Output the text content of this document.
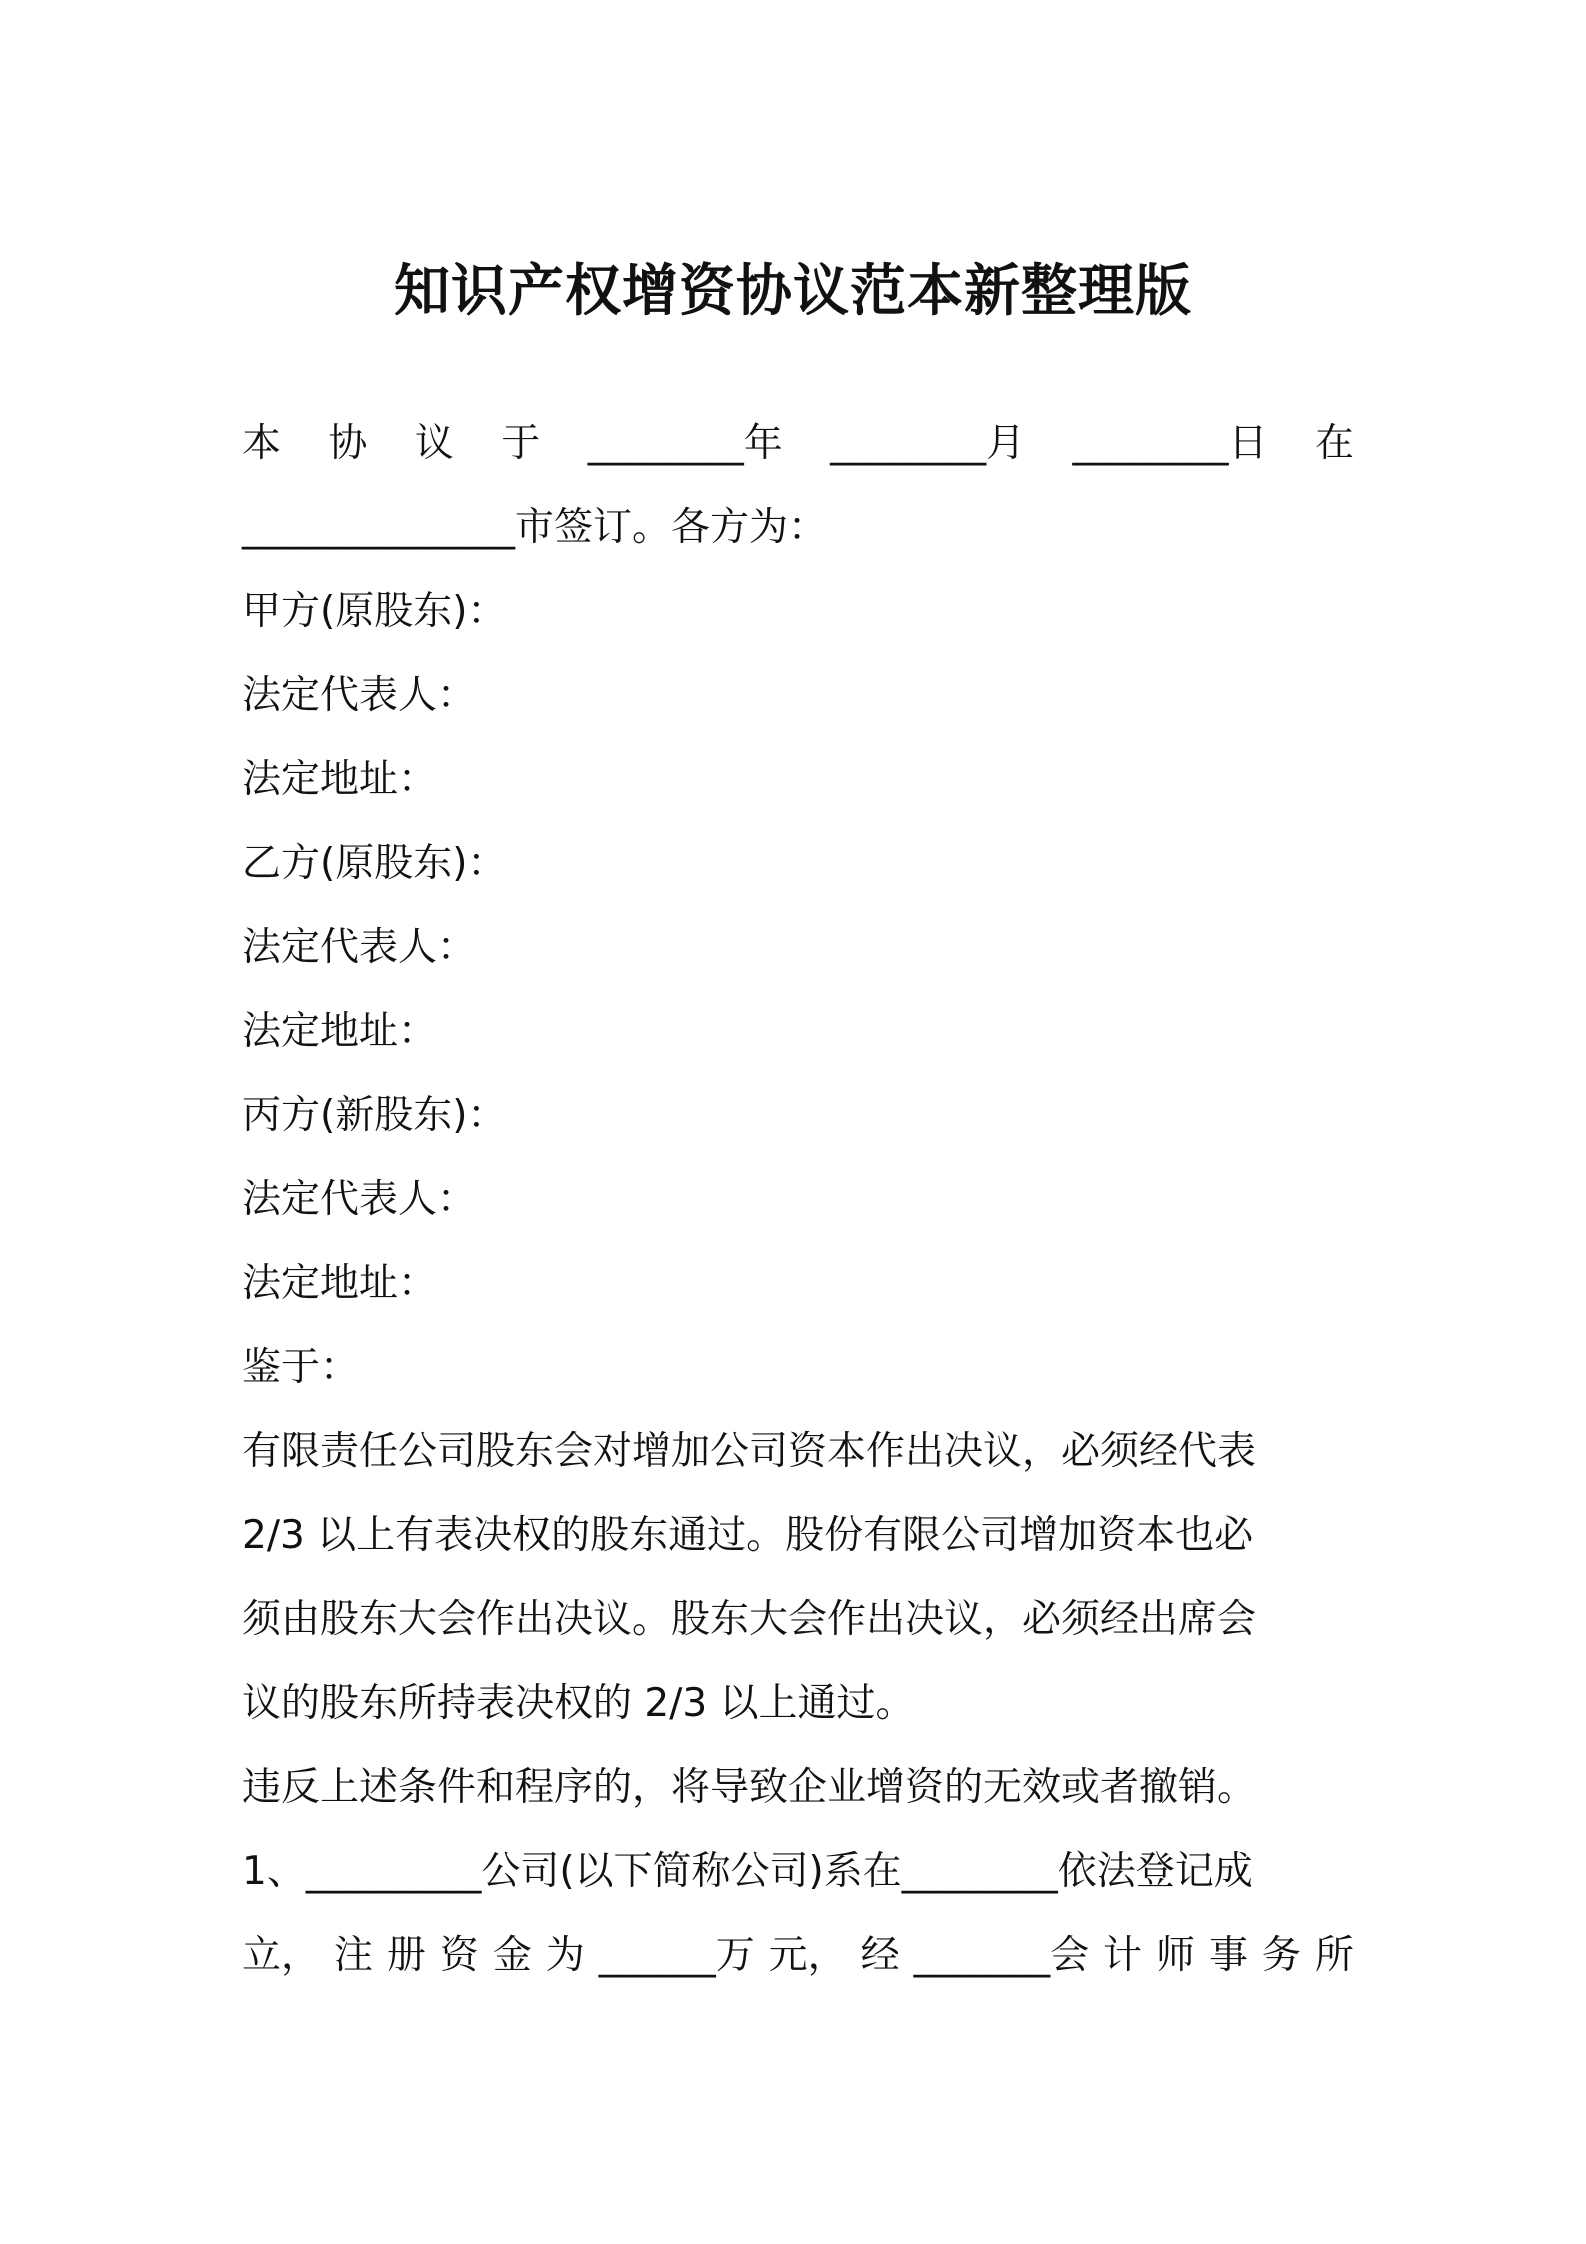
知识产权增资协议范本新整理版
本 协 议 于 ________年 ________月 ________日 在
______________市签订。各方为：
甲方(原股东)：
法定代表人：
法定地址：
乙方(原股东)：
法定代表人：
法定地址：
丙方(新股东)：
法定代表人：
法定地址：
鉴于：
有限责任公司股东会对增加公司资本作出决议，必须经代表
2/3 以上有表决权的股东通过。股份有限公司增加资本也必
须由股东大会作出决议。股东大会作出决议，必须经出席会
议的股东所持表决权的 2/3 以上通过。
违反上述条件和程序的，将导致企业增资的无效或者撤销。
1、_________公司(以下简称公司)系在________依法登记成
立， 注 册 资 金 为 ______万 元， 经 _______会 计 师 事 务 所
